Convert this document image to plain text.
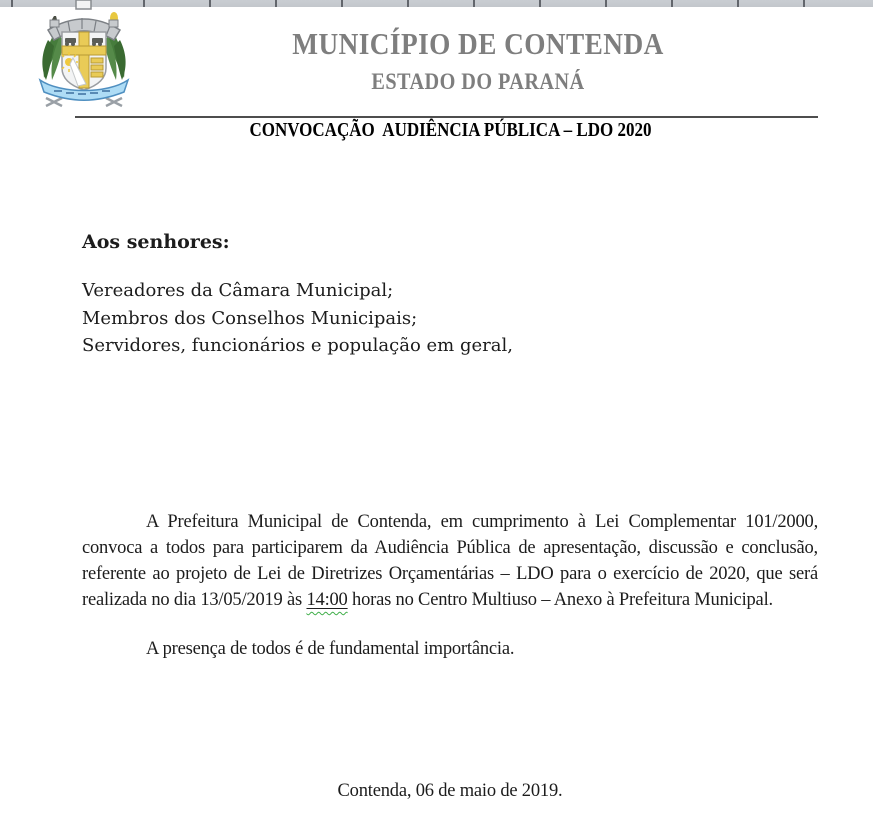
MUNICÍPIO DE CONTENDA
ESTADO DO PARANÁ
CONVOCAÇÃO  AUDIÊNCIA PÚBLICA – LDO 2020
Aos senhores:
Vereadores da Câmara Municipal;
Membros dos Conselhos Municipais;
Servidores, funcionários e população em geral,
A Prefeitura Municipal de Contenda, em cumprimento à Lei Complementar 101/2000, convoca a todos para participarem da Audiência Pública de apresentação, discussão e conclusão, referente ao projeto de Lei de Diretrizes Orçamentárias – LDO para o exercício de 2020, que será realizada no dia 13/05/2019 às 14:00 horas no Centro Multiuso – Anexo à Prefeitura Municipal.
A presença de todos é de fundamental importância.
Contenda, 06 de maio de 2019.
